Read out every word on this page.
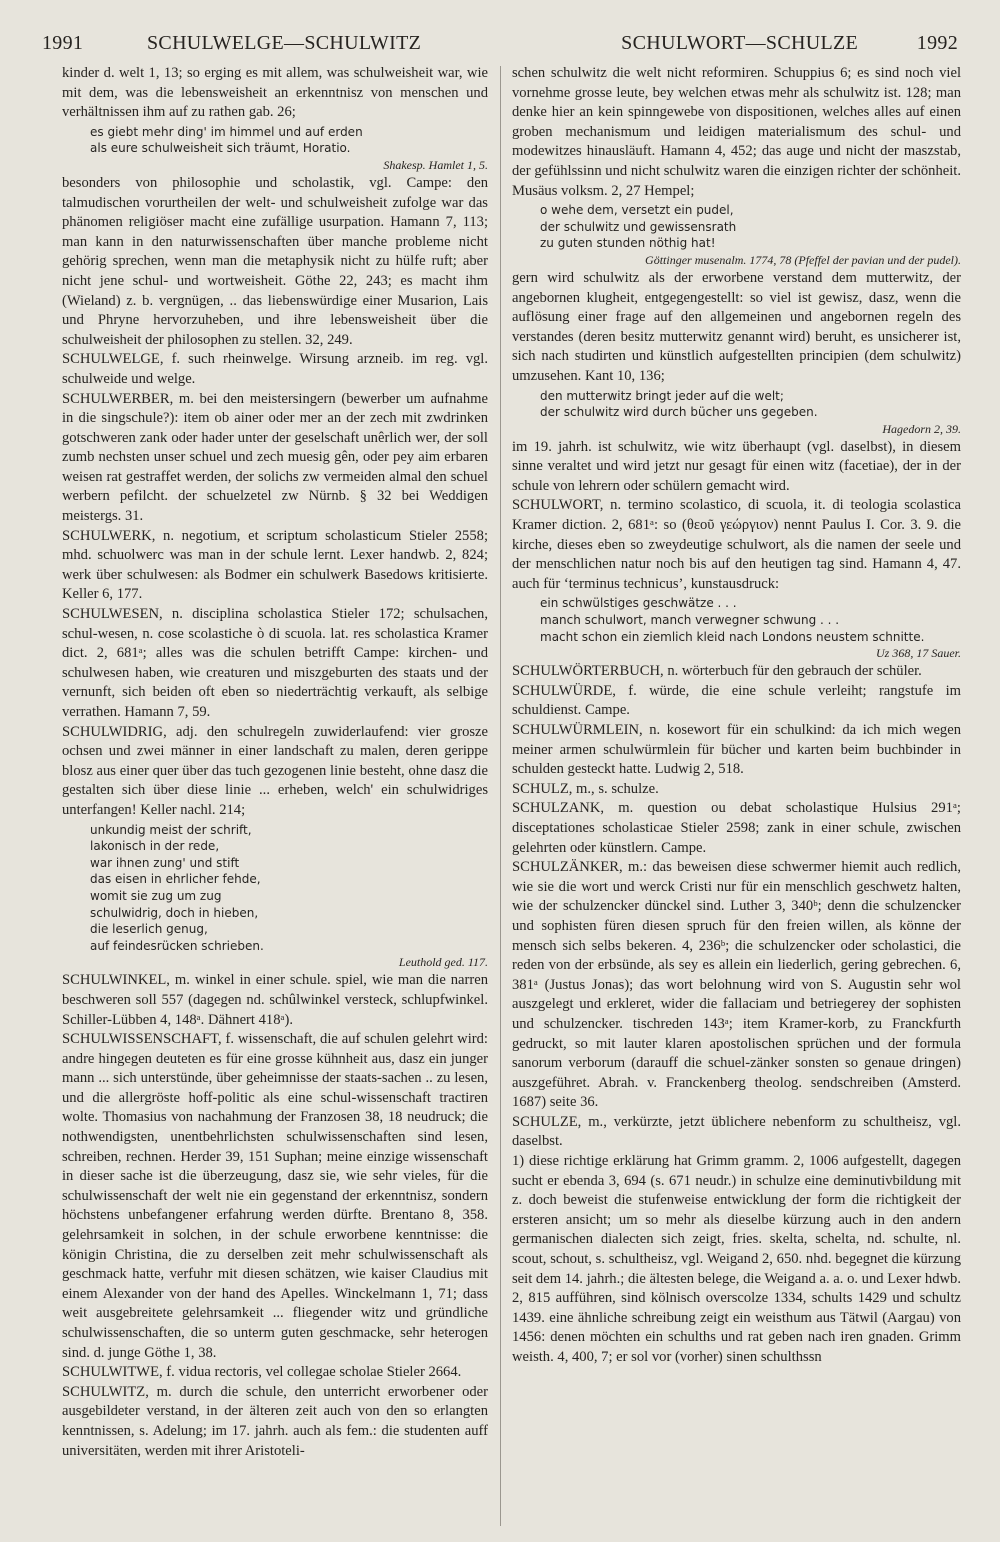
1991	SCHULWELGE—SCHULWITZ	SCHULWORT—SCHULZE	1992

kinder d. welt 1, 13; so erging es mit allem, was schulweisheit war, wie mit dem, was die lebensweisheit an erkenntnisz von menschen und verhältnissen ihm auf zu rathen gab. 26;

es giebt mehr ding' im himmel und auf erden

als eure schulweisheit sich träumt, Horatio.

Shakesp. Hamlet 1, 5.

besonders von philosophie und scholastik, vgl. Campe: den talmudischen vorurtheilen der welt- und schulweisheit zufolge war das phänomen religiöser macht eine zufällige usurpation. Hamann 7, 113; man kann in den naturwissenschaften über manche probleme nicht gehörig sprechen, wenn man die metaphysik nicht zu hülfe ruft; aber nicht jene schul- und wortweisheit. Göthe 22, 243; es macht ihm (Wieland) z. b. vergnügen, .. das liebenswürdige einer Musarion, Lais und Phryne hervorzuheben, und ihre lebensweisheit über die schulweisheit der philosophen zu stellen. 32, 249.

SCHULWELGE, f. such rheinwelge. Wirsung arzneib. im reg. vgl. schulweide und welge.

SCHULWERBER, m. bei den meistersingern (bewerber um aufnahme in die singschule?): item ob ainer oder mer an der zech mit zwdrinken gotschweren zank oder hader unter der geselschaft unêrlich wer, der soll zumb nechsten unser schuel und zech muesig gên, oder pey aim erbaren weisen rat gestraffet werden, der solichs zw vermeiden almal den schuel werbern pefilcht. der schuelzetel zw Nürnb. § 32 bei Weddigen meistergs. 31.

SCHULWERK, n. negotium, et scriptum scholasticum Stieler 2558; mhd. schuolwerc was man in der schule lernt. Lexer handwb. 2, 824; werk über schulwesen: als Bodmer ein schulwerk Basedows kritisierte. Keller 6, 177.

SCHULWESEN, n. disciplina scholastica Stieler 172; schulsachen, schul-wesen, n. cose scolastiche ò di scuola. lat. res scholastica Kramer dict. 2, 681ᵃ; alles was die schulen betrifft Campe: kirchen- und schulwesen haben, wie creaturen und miszgeburten des staats und der vernunft, sich beiden oft eben so niederträchtig verkauft, als selbige verrathen. Hamann 7, 59.

SCHULWIDRIG, adj. den schulregeln zuwiderlaufend: vier grosze ochsen und zwei männer in einer landschaft zu malen, deren gerippe blosz aus einer quer über das tuch gezogenen linie besteht, ohne dasz die gestalten sich über diese linie ... erheben, welch' ein schulwidriges unterfangen! Keller nachl. 214;

unkundig meist der schrift,

lakonisch in der rede,

war ihnen zung' und stift

das eisen in ehrlicher fehde,

womit sie zug um zug

schulwidrig, doch in hieben,

die leserlich genug,

auf feindesrücken schrieben.

Leuthold ged. 117.

SCHULWINKEL, m. winkel in einer schule. spiel, wie man die narren beschweren soll 557 (dagegen nd. schûlwinkel versteck, schlupfwinkel. Schiller-Lübben 4, 148ᵃ. Dähnert 418ᵃ).

SCHULWISSENSCHAFT, f. wissenschaft, die auf schulen gelehrt wird: andre hingegen deuteten es für eine grosse kühnheit aus, dasz ein junger mann ... sich unterstünde, über geheimnisse der staats-sachen .. zu lesen, und die allergröste hoff-politic als eine schul-wissenschaft tractiren wolte. Thomasius von nachahmung der Franzosen 38, 18 neudruck; die nothwendigsten, unentbehrlichsten schulwissenschaften sind lesen, schreiben, rechnen. Herder 39, 151 Suphan; meine einzige wissenschaft in dieser sache ist die überzeugung, dasz sie, wie sehr vieles, für die schulwissenschaft der welt nie ein gegenstand der erkenntnisz, sondern höchstens unbefangener erfahrung werden dürfte. Brentano 8, 358. gelehrsamkeit in solchen, in der schule erworbene kenntnisse: die königin Christina, die zu derselben zeit mehr schulwissenschaft als geschmack hatte, verfuhr mit diesen schätzen, wie kaiser Claudius mit einem Alexander von der hand des Apelles. Winckelmann 1, 71; dass weit ausgebreitete gelehrsamkeit ... fliegender witz und gründliche schulwissenschaften, die so unterm guten geschmacke, sehr heterogen sind. d. junge Göthe 1, 38.

SCHULWITWE, f. vidua rectoris, vel collegae scholae Stieler 2664.

SCHULWITZ, m. durch die schule, den unterricht erworbener oder ausgebildeter verstand, in der älteren zeit auch von den so erlangten kenntnissen, s. Adelung; im 17. jahrh. auch als fem.: die studenten auff universitäten, werden mit ihrer Aristoteli-

schen schulwitz die welt nicht reformiren. Schuppius 6; es sind noch viel vornehme grosse leute, bey welchen etwas mehr als schulwitz ist. 128; man denke hier an kein spinngewebe von dispositionen, welches alles auf einen groben mechanismum und leidigen materialismum des schul- und modewitzes hinausläuft. Hamann 4, 452; das auge und nicht der maszstab, der gefühlssinn und nicht schulwitz waren die einzigen richter der schönheit. Musäus volksm. 2, 27 Hempel;

o wehe dem, versetzt ein pudel,

der schulwitz und gewissensrath

zu guten stunden nöthig hat!

Göttinger musenalm. 1774, 78 (Pfeffel der pavian und der pudel).

gern wird schulwitz als der erworbene verstand dem mutterwitz, der angebornen klugheit, entgegengestellt: so viel ist gewisz, dasz, wenn die auflösung einer frage auf den allgemeinen und angebornen regeln des verstandes (deren besitz mutterwitz genannt wird) beruht, es unsicherer ist, sich nach studirten und künstlich aufgestellten principien (dem schulwitz) umzusehen. Kant 10, 136;

den mutterwitz bringt jeder auf die welt;

der schulwitz wird durch bücher uns gegeben.

Hagedorn 2, 39.

im 19. jahrh. ist schulwitz, wie witz überhaupt (vgl. daselbst), in diesem sinne veraltet und wird jetzt nur gesagt für einen witz (facetiae), der in der schule von lehrern oder schülern gemacht wird.

SCHULWORT, n. termino scolastico, di scuola, it. di teologia scolastica Kramer diction. 2, 681ᵃ: so (θεοῦ γεώργιον) nennt Paulus I. Cor. 3. 9. die kirche, dieses eben so zweydeutige schulwort, als die namen der seele und der menschlichen natur noch bis auf den heutigen tag sind. Hamann 4, 47. auch für ‘terminus technicus’, kunstausdruck:

ein schwülstiges geschwätze . . .

manch schulwort, manch verwegner schwung . . .

macht schon ein ziemlich kleid nach Londons neustem schnitte.

Uz 368, 17 Sauer.

SCHULWÖRTERBUCH, n. wörterbuch für den gebrauch der schüler.

SCHULWÜRDE, f. würde, die eine schule verleiht; rangstufe im schuldienst. Campe.

SCHULWÜRMLEIN, n. kosewort für ein schulkind: da ich mich wegen meiner armen schulwürmlein für bücher und karten beim buchbinder in schulden gesteckt hatte. Ludwig 2, 518.

SCHULZ, m., s. schulze.

SCHULZANK, m. question ou debat scholastique Hulsius 291ᵃ; disceptationes scholasticae Stieler 2598; zank in einer schule, zwischen gelehrten oder künstlern. Campe.

SCHULZÄNKER, m.: das beweisen diese schwermer hiemit auch redlich, wie sie die wort und werck Cristi nur für ein menschlich geschwetz halten, wie der schulzencker dünckel sind. Luther 3, 340ᵇ; denn die schulzencker und sophisten füren diesen spruch für den freien willen, als könne der mensch sich selbs bekeren. 4, 236ᵇ; die schulzencker oder scholastici, die reden von der erbsünde, als sey es allein ein liederlich, gering gebrechen. 6, 381ᵃ (Justus Jonas); das wort belohnung wird von S. Augustin sehr wol auszgelegt und erkleret, wider die fallaciam und betriegerey der sophisten und schulzencker. tischreden 143ᵃ; item Kramer-korb, zu Franckfurth gedruckt, so mit lauter klaren apostolischen sprüchen und der formula sanorum verborum (darauff die schuel-zänker sonsten so genaue dringen) auszgeführet. Abrah. v. Franckenberg theolog. sendschreiben (Amsterd. 1687) seite 36.

SCHULZE, m., verkürzte, jetzt üblichere nebenform zu schultheisz, vgl. daselbst.

1) diese richtige erklärung hat Grimm gramm. 2, 1006 aufgestellt, dagegen sucht er ebenda 3, 694 (s. 671 neudr.) in schulze eine deminutivbildung mit z. doch beweist die stufenweise entwicklung der form die richtigkeit der ersteren ansicht; um so mehr als dieselbe kürzung auch in den andern germanischen dialecten sich zeigt, fries. skelta, schelta, nd. schulte, nl. scout, schout, s. schultheisz, vgl. Weigand 2, 650. nhd. begegnet die kürzung seit dem 14. jahrh.; die ältesten belege, die Weigand a. a. o. und Lexer hdwb. 2, 815 aufführen, sind kölnisch overscolze 1334, schults 1429 und schultz 1439. eine ähnliche schreibung zeigt ein weisthum aus Tätwil (Aargau) von 1456: denen möchten ein schulths und rat geben nach iren gnaden. Grimm weisth. 4, 400, 7; er sol vor (vorher) sinen schulthssn
